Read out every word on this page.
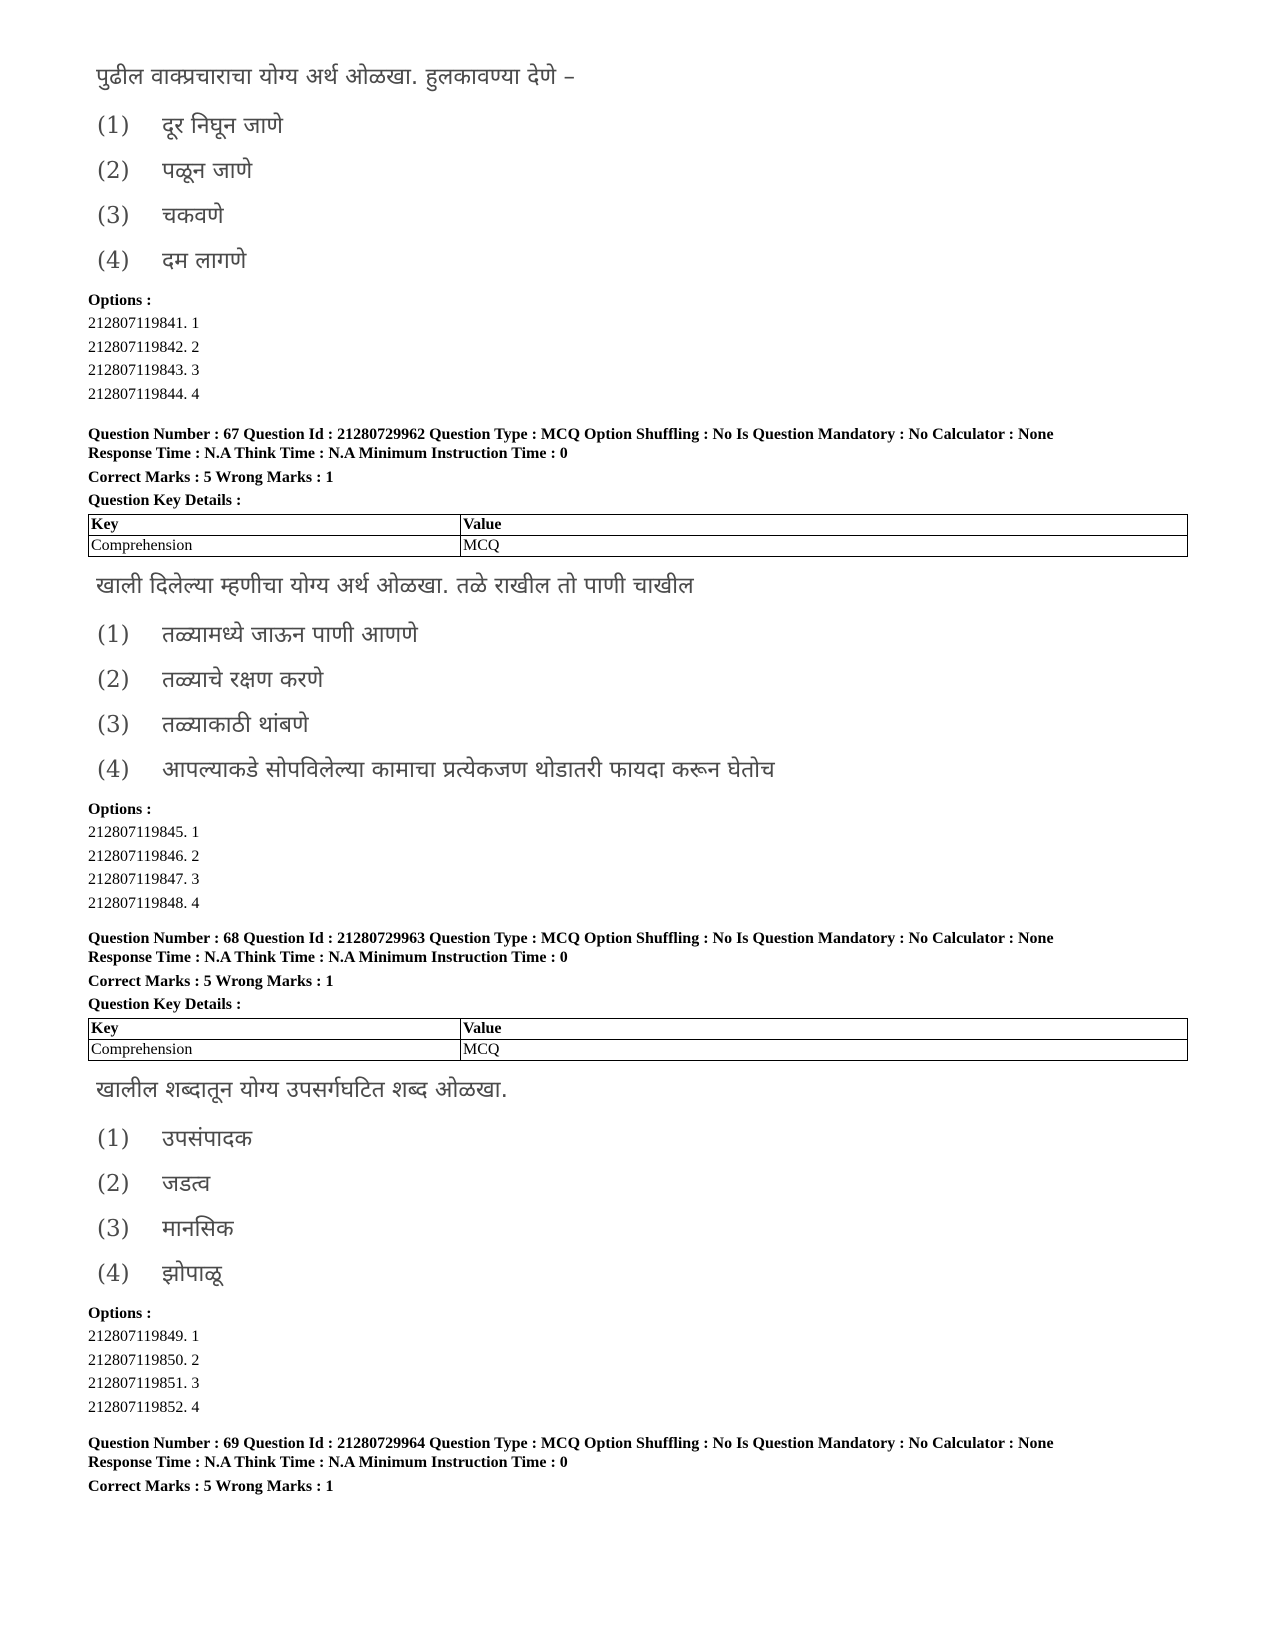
पुढील वाक्प्रचाराचा योग्य अर्थ ओळखा. हुलकावण्या देणे –
(1)	दूर निघून जाणे
(2)	पळून जाणे
(3)	चकवणे
(4)	दम लागणे
Options :
212807119841. 1
212807119842. 2
212807119843. 3
212807119844. 4
Question Number : 67 Question Id : 21280729962 Question Type : MCQ Option Shuffling : No Is Question Mandatory : No Calculator : None
Response Time : N.A Think Time : N.A Minimum Instruction Time : 0
Correct Marks : 5 Wrong Marks : 1
Question Key Details :
Key	Value
Comprehension	MCQ
खाली दिलेल्या म्हणीचा योग्य अर्थ ओळखा. तळे राखील तो पाणी चाखील
(1)	तळ्यामध्ये जाऊन पाणी आणणे
(2)	तळ्याचे रक्षण करणे
(3)	तळ्याकाठी थांबणे
(4)	आपल्याकडे सोपविलेल्या कामाचा प्रत्येकजण थोडातरी फायदा करून घेतोच
Options :
212807119845. 1
212807119846. 2
212807119847. 3
212807119848. 4
Question Number : 68 Question Id : 21280729963 Question Type : MCQ Option Shuffling : No Is Question Mandatory : No Calculator : None
Response Time : N.A Think Time : N.A Minimum Instruction Time : 0
Correct Marks : 5 Wrong Marks : 1
Question Key Details :
Key	Value
Comprehension	MCQ
खालील शब्दातून योग्य उपसर्गघटित शब्द ओळखा.
(1)	उपसंपादक
(2)	जडत्व
(3)	मानसिक
(4)	झोपाळू
Options :
212807119849. 1
212807119850. 2
212807119851. 3
212807119852. 4
Question Number : 69 Question Id : 21280729964 Question Type : MCQ Option Shuffling : No Is Question Mandatory : No Calculator : None
Response Time : N.A Think Time : N.A Minimum Instruction Time : 0
Correct Marks : 5 Wrong Marks : 1
